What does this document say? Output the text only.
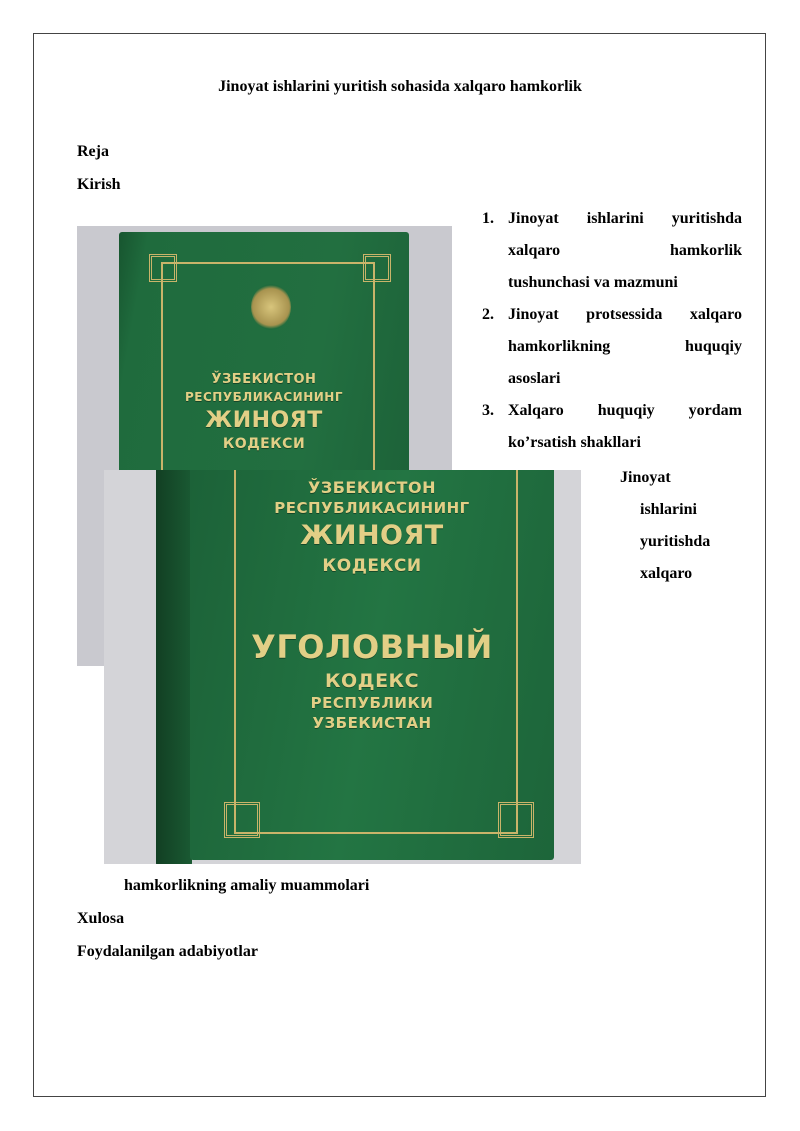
Jinoyat ishlarini yuritish sohasida xalqaro hamkorlik
Reja
Kirish
1. Jinoyat ishlarini yuritishda
xalqaro hamkorlik
tushunchasi va mazmuni
2. Jinoyat protsessida xalqaro
hamkorlikning huquqiy
asoslari
3. Xalqaro huquqiy yordam
ko’rsatish shakllari
Jinoyat
ishlarini
yuritishda
xalqaro
ЎЗБЕКИСТОН
РЕСПУБЛИКАСИНИНГ
ЖИНОЯТ
КОДЕКСИ
ЎЗБЕКИСТОН
РЕСПУБЛИКАСИНИНГ
ЖИНОЯТ
КОДЕКСИ
УГОЛОВНЫЙ
КОДЕКС
РЕСПУБЛИКИ
УЗБЕКИСТАН
hamkorlikning amaliy muammolari
Xulosa
Foydalanilgan adabiyotlar
